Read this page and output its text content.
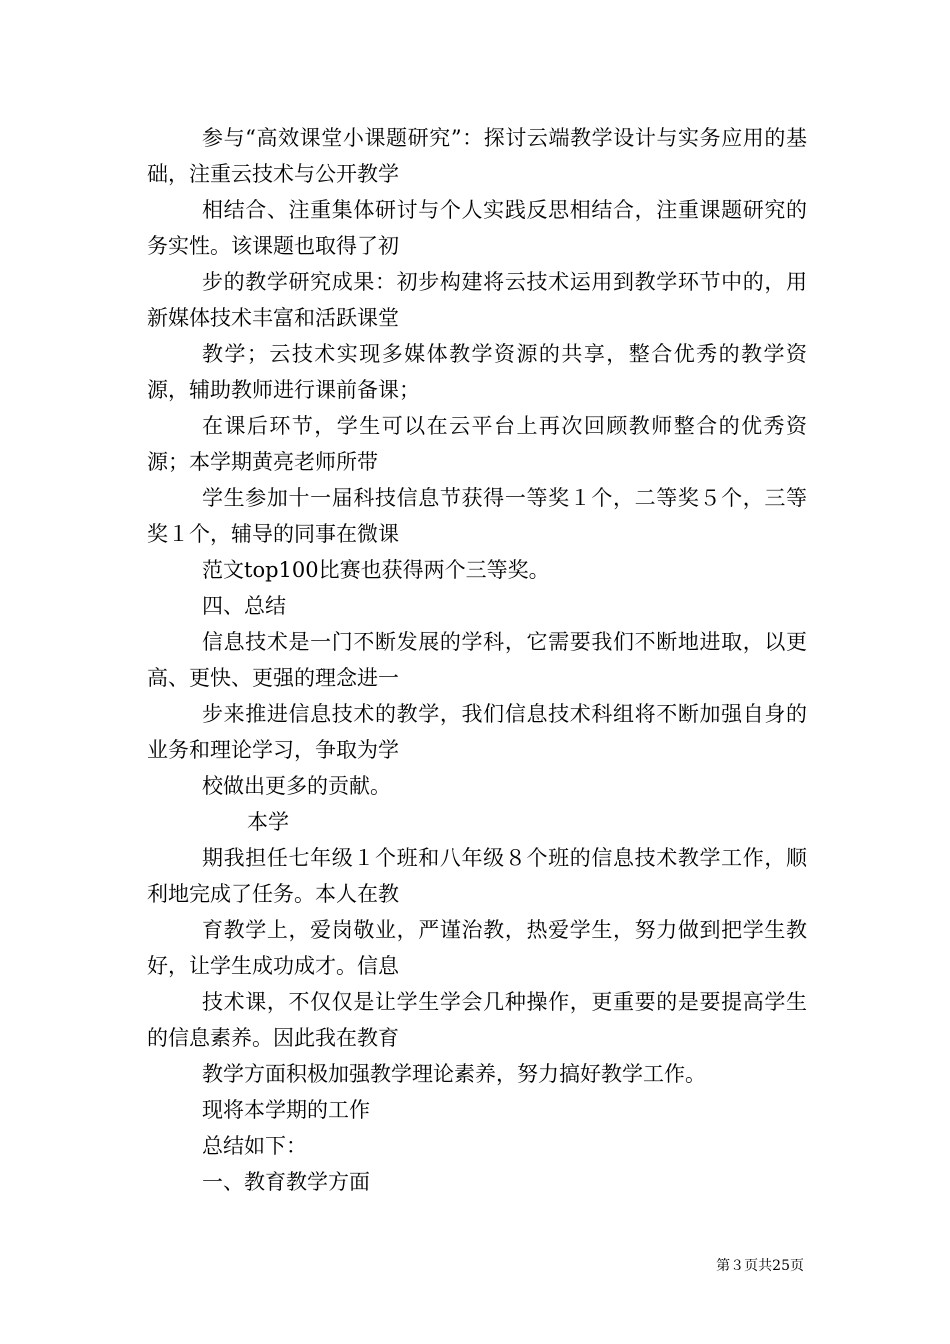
参与“高效课堂小课题研究”：探讨云端教学设计与实务应用的基础，注重云技术与公开教学

相结合、注重集体研讨与个人实践反思相结合，注重课题研究的务实性。该课题也取得了初

步的教学研究成果：初步构建将云技术运用到教学环节中的，用新媒体技术丰富和活跃课堂

教学；云技术实现多媒体教学资源的共享，整合优秀的教学资源，辅助教师进行课前备课；

在课后环节，学生可以在云平台上再次回顾教师整合的优秀资源；本学期黄亮老师所带

学生参加十一届科技信息节获得一等奖１个，二等奖５个，三等奖１个，辅导的同事在微课

范文top100比赛也获得两个三等奖。

四、总结

信息技术是一门不断发展的学科，它需要我们不断地进取，以更高、更快、更强的理念进一

步来推进信息技术的教学，我们信息技术科组将不断加强自身的业务和理论学习，争取为学

校做出更多的贡献。

本学

期我担任七年级１个班和八年级８个班的信息技术教学工作，顺利地完成了任务。本人在教

育教学上，爱岗敬业，严谨治教，热爱学生，努力做到把学生教好，让学生成功成才。信息

技术课，不仅仅是让学生学会几种操作，更重要的是要提高学生的信息素养。因此我在教育

教学方面积极加强教学理论素养，努力搞好教学工作。

现将本学期的工作

总结如下：

一、教育教学方面

第３页共25页
